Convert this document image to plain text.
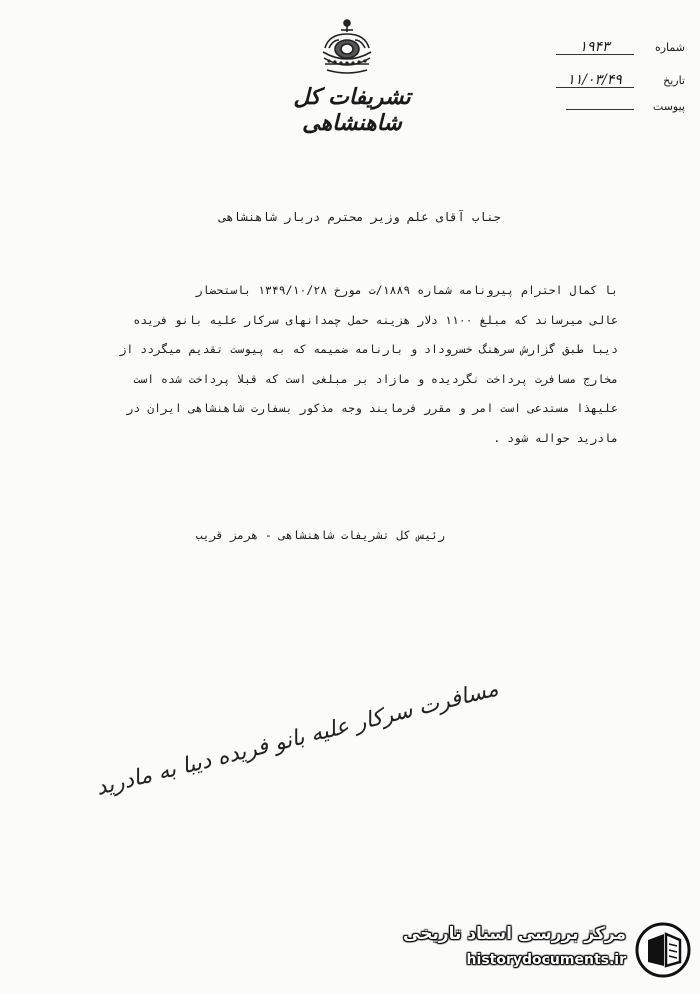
تشریفات کل شاهنشاهی
شماره ۱۹۴۳
تاریخ ۱۱/۰۳/۴۹
پیوست
جناب آقای علم وزیر محترم دربار شاهنشاهی

با کمال احترام پیرونامه شماره ۱۸۸۹/ت مورخ ۱۳۴۹/۱۰/۲۸ باستحضار

عالی میرساند که مبلغ ۱۱۰۰ دلار هزینه حمل چمدانهای سرکار علیه بانو فریده

دیبا طبق گزارش سرهنگ خسروداد و بارنامه ضمیمه که به پیوست تقدیم میگردد از

مخارج مسافرت پرداخت نگردیده و مازاد بر مبلغی است که قبلا پرداخت شده است

علیهذا مستدعی است امر و مقرر فرمایند وجه مذکور بسفارت شاهنشاهی ایران در

مادرید حواله شود .

رئیس کل تشریفات شاهنشاهی - هرمز قریب
مسافرت سرکار علیه بانو فریده دیبا به مادرید
مرکز بررسی اسناد تاریخی
historydocuments.ir
